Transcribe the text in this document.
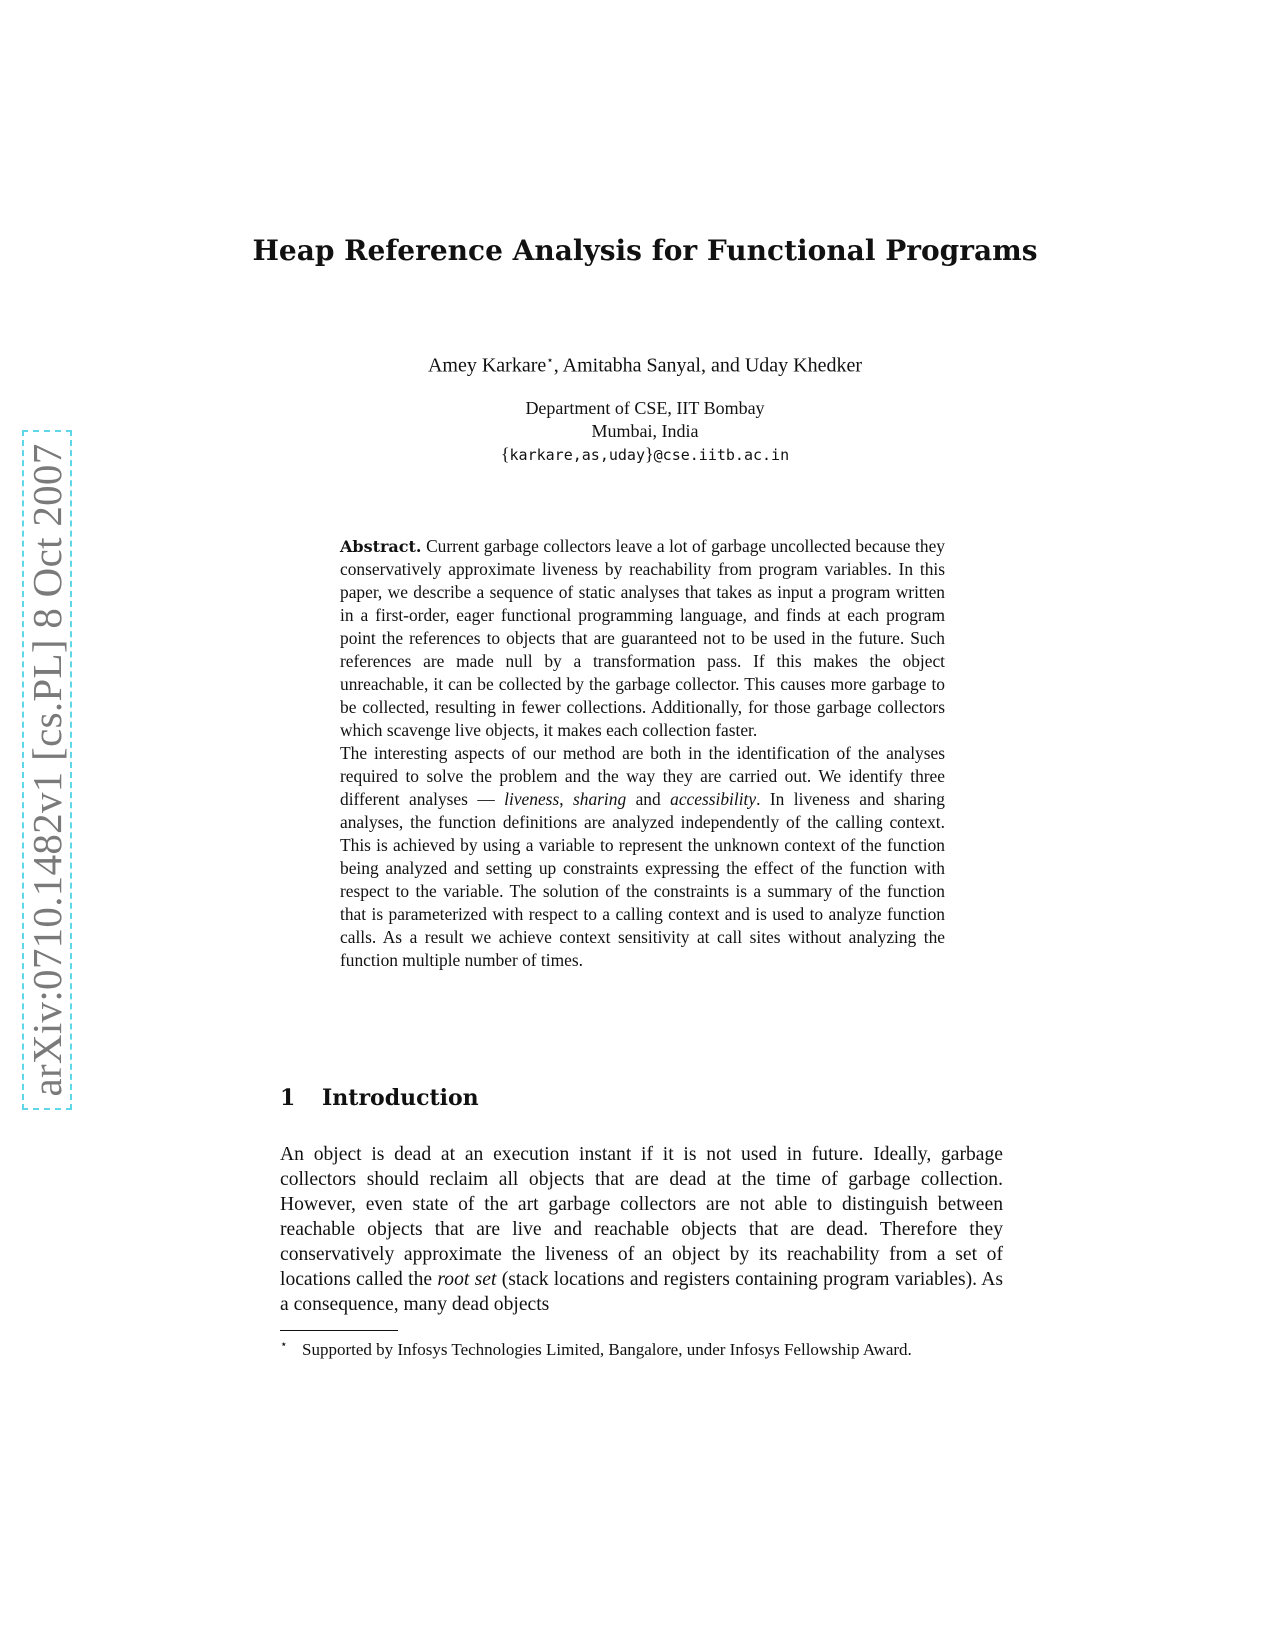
arXiv:0710.1482v1 [cs.PL] 8 Oct 2007
Heap Reference Analysis for Functional Programs
Amey Karkare⋆, Amitabha Sanyal, and Uday Khedker
Department of CSE, IIT Bombay
Mumbai, India
{karkare,as,uday}@cse.iitb.ac.in

Abstract. Current garbage collectors leave a lot of garbage uncollected because they conservatively approximate liveness by reachability from program variables. In this paper, we describe a sequence of static analyses that takes as input a program written in a first-order, eager functional programming language, and finds at each program point the references to objects that are guaranteed not to be used in the future. Such references are made null by a transformation pass. If this makes the object unreachable, it can be collected by the garbage collector. This causes more garbage to be collected, resulting in fewer collections. Additionally, for those garbage collectors which scavenge live objects, it makes each collection faster.

The interesting aspects of our method are both in the identification of the analyses required to solve the problem and the way they are carried out. We identify three different analyses — liveness, sharing and accessibility. In liveness and sharing analyses, the function definitions are analyzed independently of the calling context. This is achieved by using a variable to represent the unknown context of the function being analyzed and setting up constraints expressing the effect of the function with respect to the variable. The solution of the constraints is a summary of the function that is parameterized with respect to a calling context and is used to analyze function calls. As a result we achieve context sensitivity at call sites without analyzing the function multiple number of times.

1 Introduction

An object is dead at an execution instant if it is not used in future. Ideally, garbage collectors should reclaim all objects that are dead at the time of garbage collection. However, even state of the art garbage collectors are not able to distinguish between reachable objects that are live and reachable objects that are dead. Therefore they conservatively approximate the liveness of an object by its reachability from a set of locations called the root set (stack locations and registers containing program variables). As a consequence, many dead objects

⋆ Supported by Infosys Technologies Limited, Bangalore, under Infosys Fellowship Award.
